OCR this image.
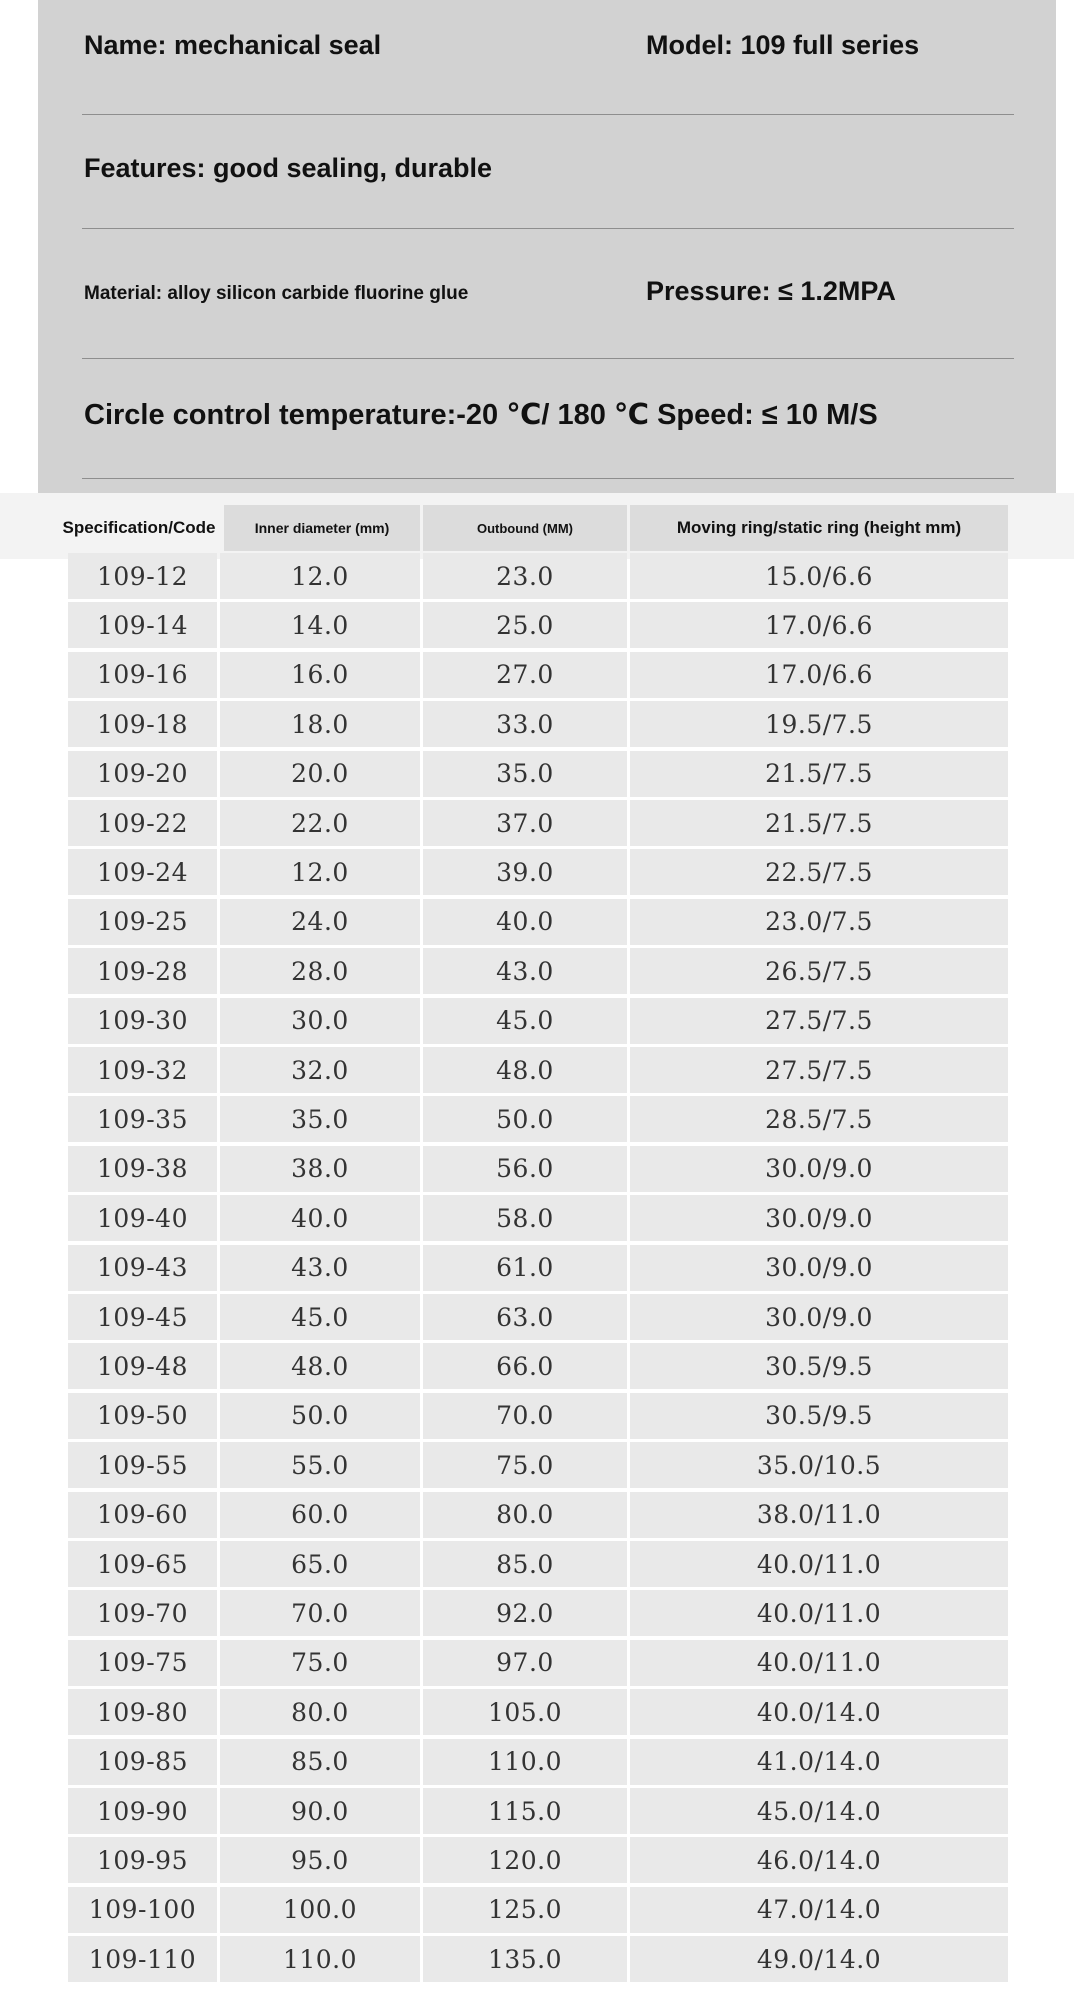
Name: mechanical seal	Model: 109 full series
Features: good sealing, durable
Material: alloy silicon carbide fluorine glue	Pressure: ≤ 1.2MPA
Circle control temperature:-20 ℃/ 180 ℃ Speed: ≤ 10 M/S
Specification/Code	Inner diameter (mm)	Outbound (MM)	Moving ring/static ring (height mm)
109-12	12.0	23.0	15.0/6.6
109-14	14.0	25.0	17.0/6.6
109-16	16.0	27.0	17.0/6.6
109-18	18.0	33.0	19.5/7.5
109-20	20.0	35.0	21.5/7.5
109-22	22.0	37.0	21.5/7.5
109-24	12.0	39.0	22.5/7.5
109-25	24.0	40.0	23.0/7.5
109-28	28.0	43.0	26.5/7.5
109-30	30.0	45.0	27.5/7.5
109-32	32.0	48.0	27.5/7.5
109-35	35.0	50.0	28.5/7.5
109-38	38.0	56.0	30.0/9.0
109-40	40.0	58.0	30.0/9.0
109-43	43.0	61.0	30.0/9.0
109-45	45.0	63.0	30.0/9.0
109-48	48.0	66.0	30.5/9.5
109-50	50.0	70.0	30.5/9.5
109-55	55.0	75.0	35.0/10.5
109-60	60.0	80.0	38.0/11.0
109-65	65.0	85.0	40.0/11.0
109-70	70.0	92.0	40.0/11.0
109-75	75.0	97.0	40.0/11.0
109-80	80.0	105.0	40.0/14.0
109-85	85.0	110.0	41.0/14.0
109-90	90.0	115.0	45.0/14.0
109-95	95.0	120.0	46.0/14.0
109-100	100.0	125.0	47.0/14.0
109-110	110.0	135.0	49.0/14.0
